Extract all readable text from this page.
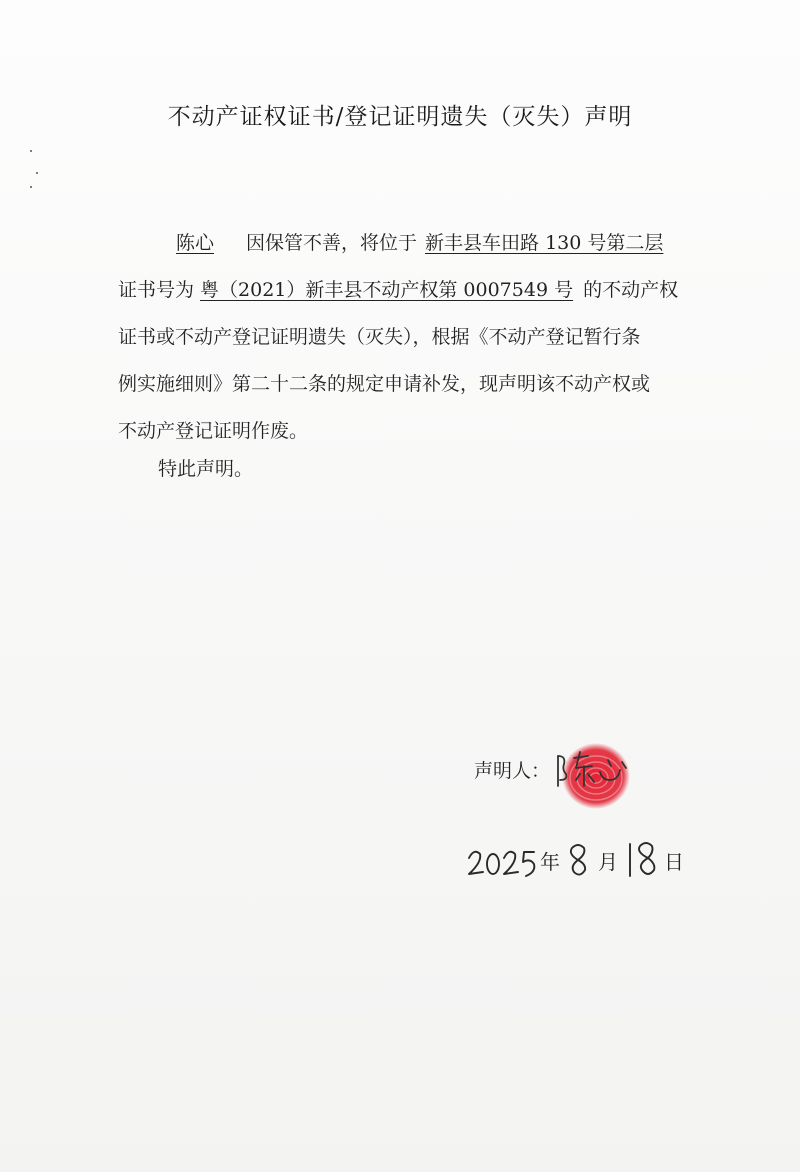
不动产证权证书/登记证明遗失（灭失）声明
陈心 因保管不善，将位于 新丰县车田路 130 号第二层
证书号为 粤（2021）新丰县不动产权第 0007549 号 的不动产权
证书或不动产登记证明遗失（灭失），根据《不动产登记暂行条
例实施细则》第二十二条的规定申请补发，现声明该不动产权或
不动产登记证明作废。
特此声明。
声明人：
年 月 日
